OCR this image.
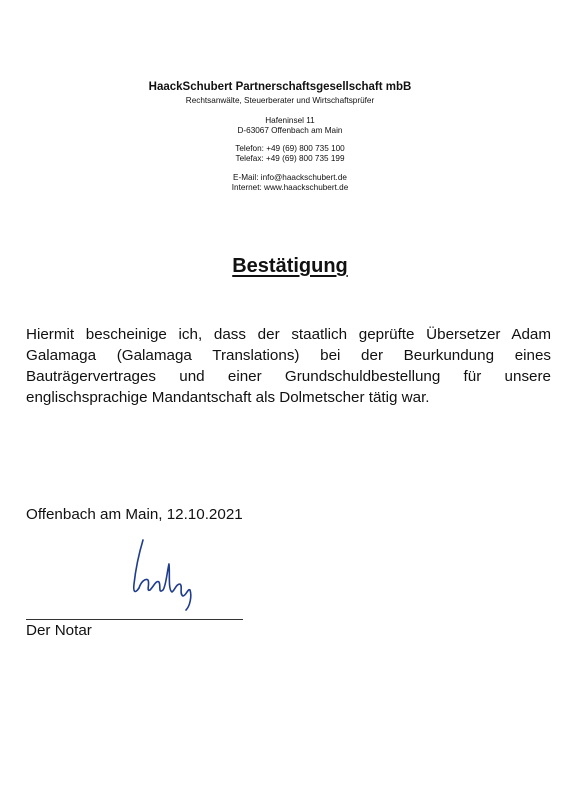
HaackSchubert Partnerschaftsgesellschaft mbB
Rechtsanwälte, Steuerberater und Wirtschaftsprüfer
Hafeninsel 11
D-63067 Offenbach am Main
Telefon: +49 (69) 800 735 100
Telefax: +49 (69) 800 735 199
E-Mail: info@haackschubert.de
Internet: www.haackschubert.de
Bestätigung
Hiermit bescheinige ich, dass der staatlich geprüfte Übersetzer Adam Galamaga (Galamaga Translations) bei der Beurkundung eines Bauträgervertrages und einer Grundschuldbestellung für unsere englischsprachige Mandantschaft als Dolmetscher tätig war.
Offenbach am Main, 12.10.2021
Der Notar
